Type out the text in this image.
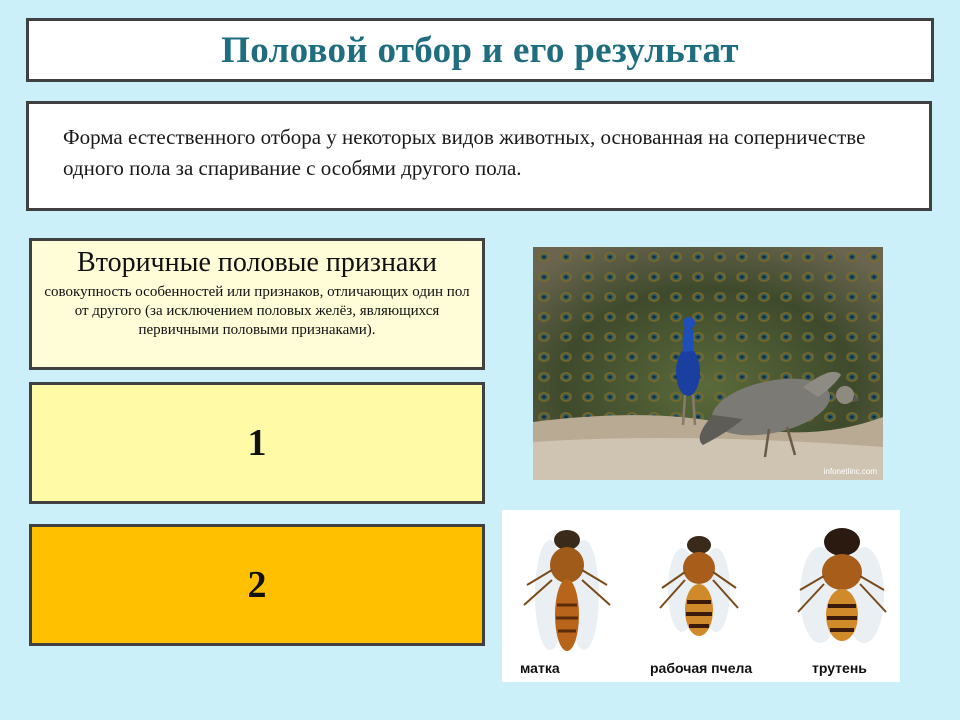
Половой отбор и его результат

Форма естественного отбора у некоторых видов животных, основанная на соперничестве одного пола за спаривание с особями другого пола.

Вторичные половые признаки
совокупность особенностей или признаков, отличающих один пол от другого (за исключением половых желёз, являющихся первичными половыми признаками).
1
2
infonetlinc.com
матка	рабочая пчела	трутень
